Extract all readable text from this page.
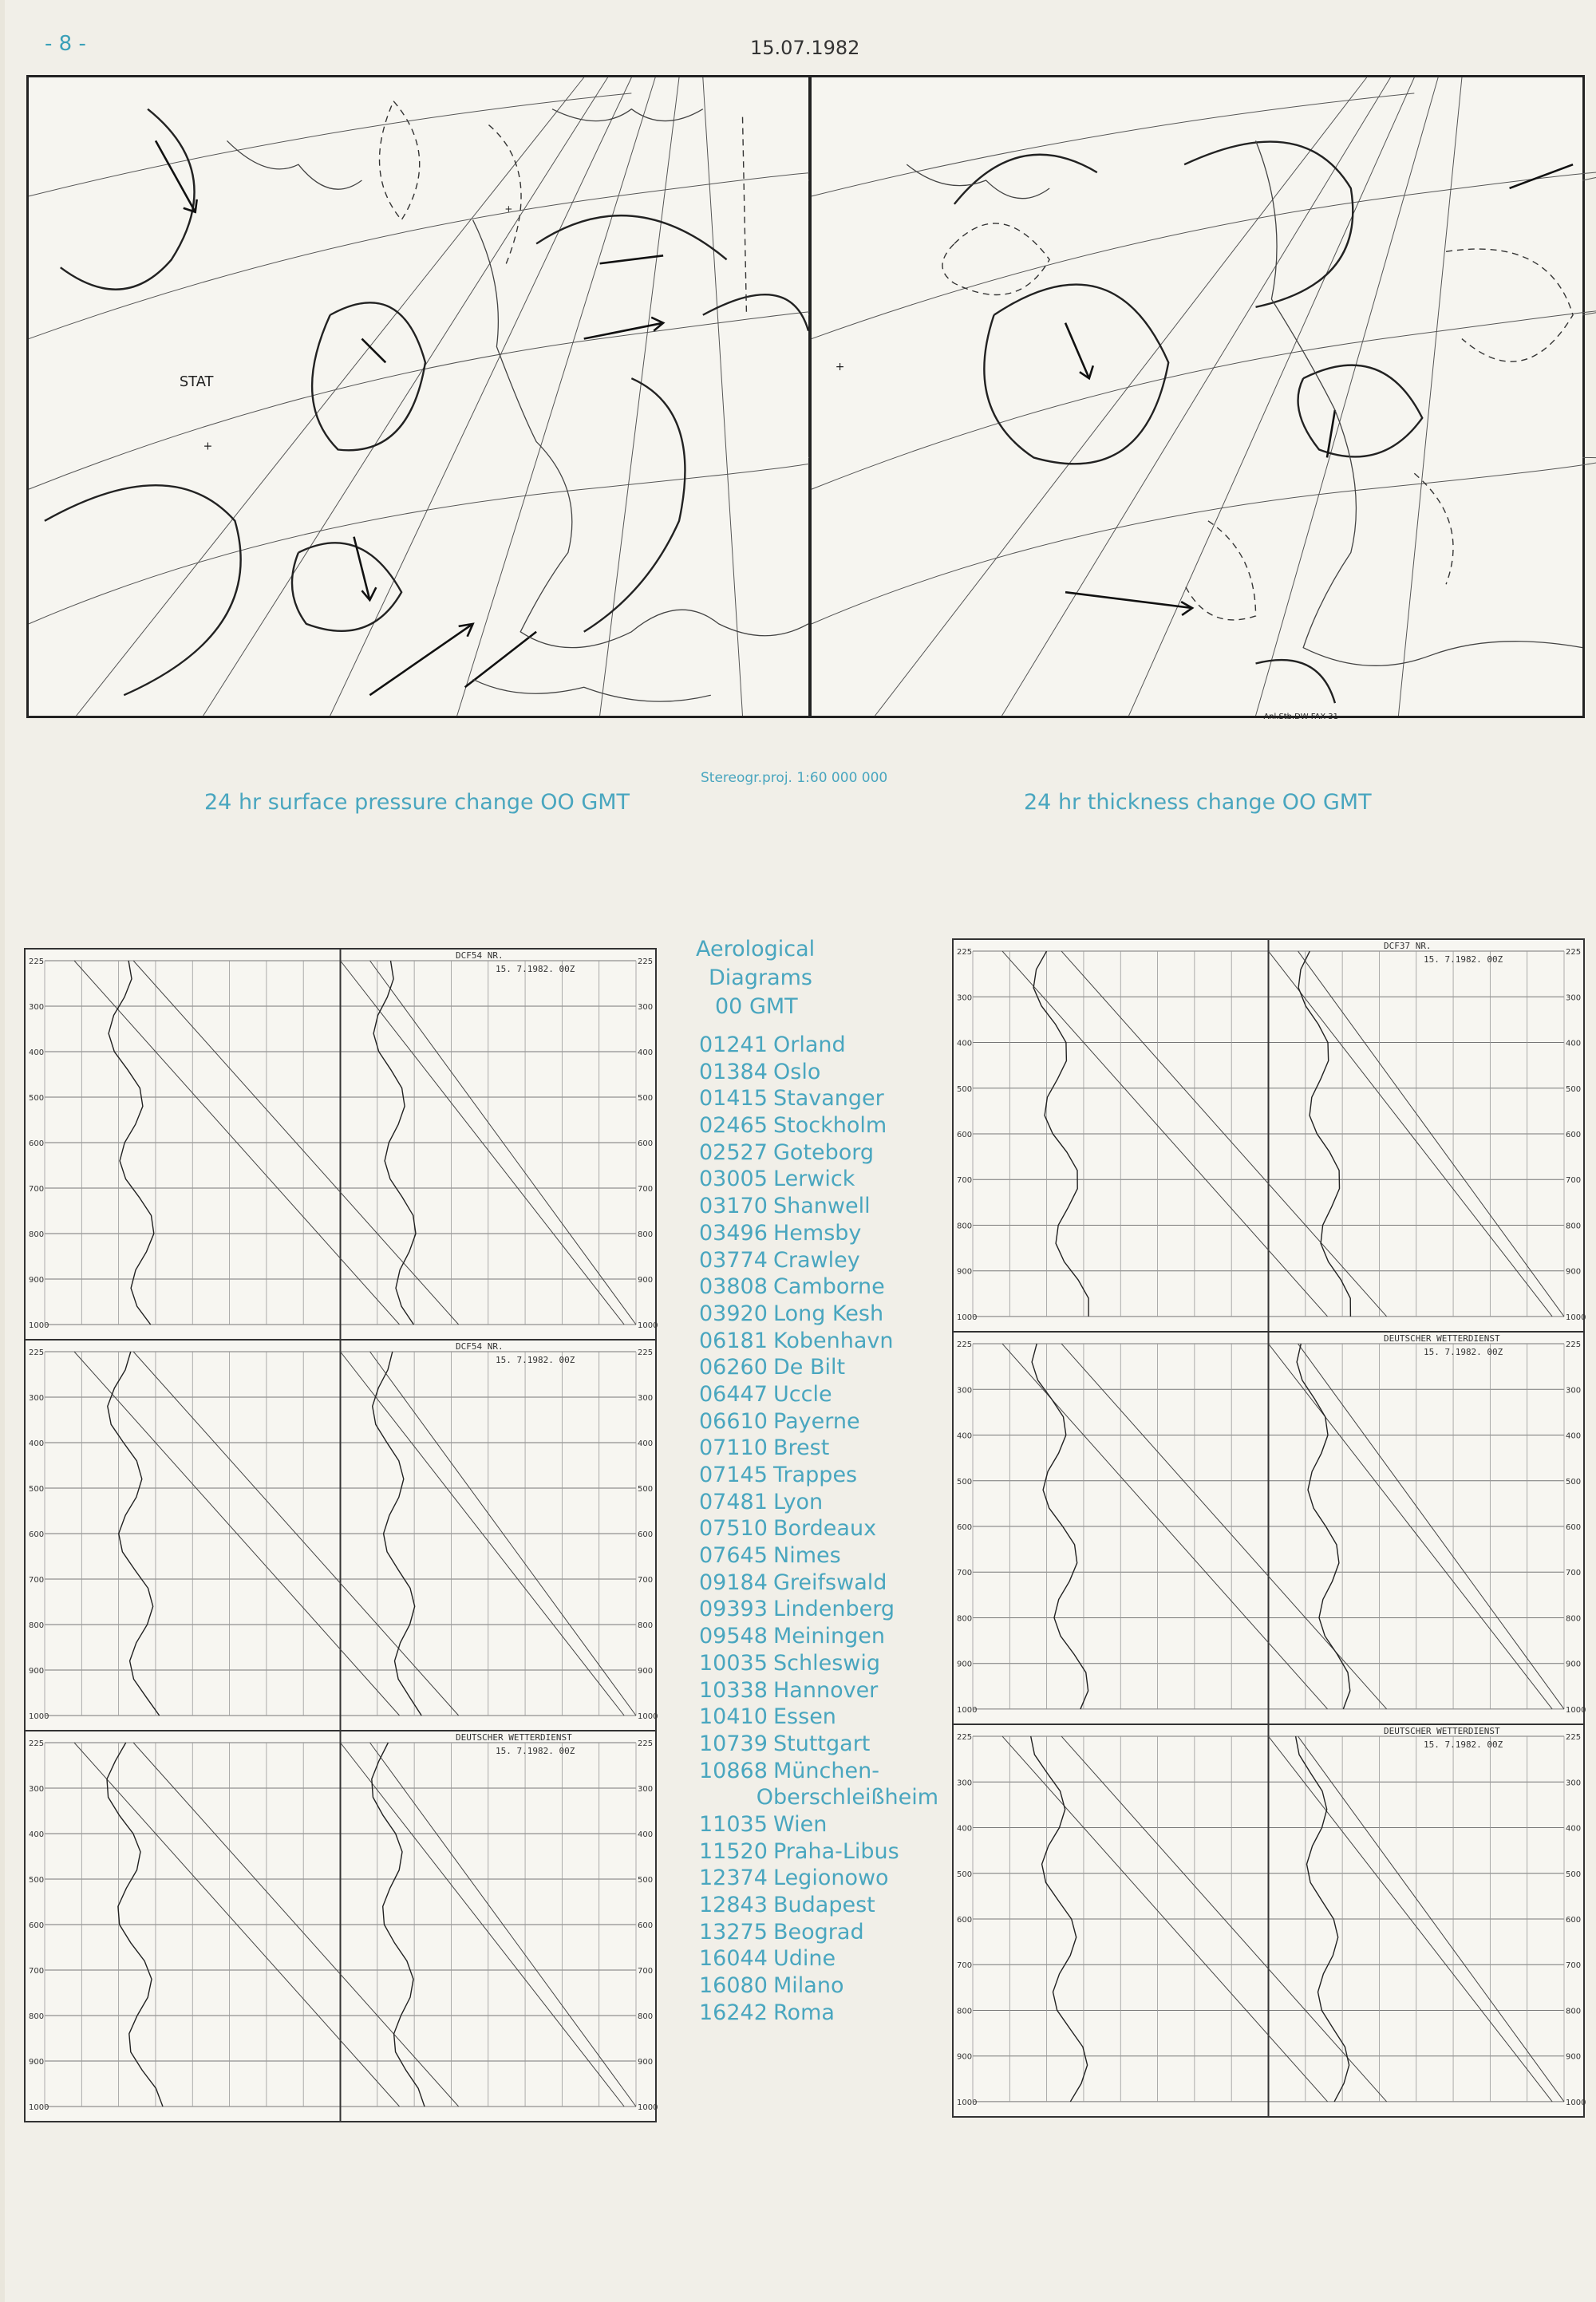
- 8 -	15.07.1982
STAT
+
+
+
Anl.Stb.DW FAX 31
24 hr surface pressure change OO GMT
Stereogr.proj. 1:60 000 000
24 hr thickness change OO GMT
Aerological
Diagrams
00 GMT
01241 Orland
01384 Oslo
01415 Stavanger
02465 Stockholm
02527 Goteborg
03005 Lerwick
03170 Shanwell
03496 Hemsby
03774 Crawley
03808 Camborne
03920 Long Kesh
06181 Kobenhavn
06260 De Bilt
06447 Uccle
06610 Payerne
07110 Brest
07145 Trappes
07481 Lyon
07510 Bordeaux
07645 Nimes
09184 Greifswald
09393 Lindenberg
09548 Meiningen
10035 Schleswig
10338 Hannover
10410 Essen
10739 Stuttgart
10868 München-
Oberschleißheim
11035 Wien
11520 Praha-Libus
12374 Legionowo
12843 Budapest
13275 Beograd
16044 Udine
16080 Milano
16242 Roma
225	225
300	300
400	400
500	500
600	600
700	700
800	800
900	900
1000	1000
DCF54 NR.
15. 7.1982. 00Z
225	225
300	300
400	400
500	500
600	600
700	700
800	800
900	900
1000	1000
DCF54 NR.
15. 7.1982. 00Z
225	225
300	300
400	400
500	500
600	600
700	700
800	800
900	900
1000	1000
DEUTSCHER WETTERDIENST
15. 7.1982. 00Z
225	225
300	300
400	400
500	500
600	600
700	700
800	800
900	900
1000	1000
DCF37 NR.
15. 7.1982. 00Z
225	225
300	300
400	400
500	500
600	600
700	700
800	800
900	900
1000	1000
DEUTSCHER WETTERDIENST
15. 7.1982. 00Z
225	225
300	300
400	400
500	500
600	600
700	700
800	800
900	900
1000	1000
DEUTSCHER WETTERDIENST
15. 7.1982. 00Z
